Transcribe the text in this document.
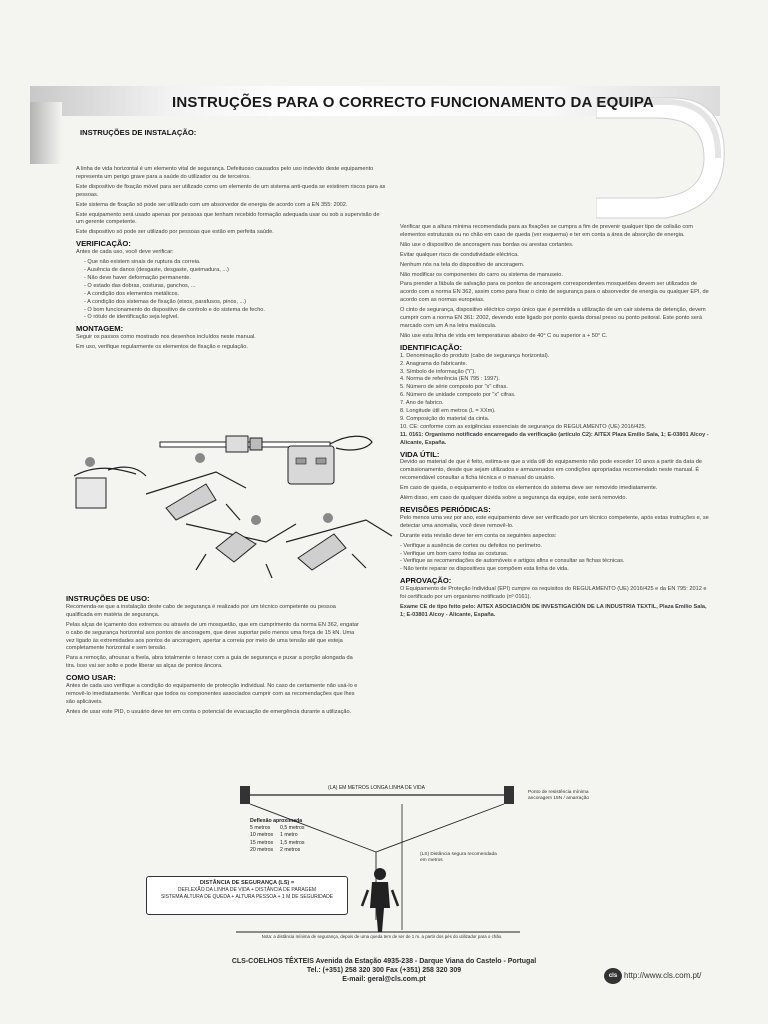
INSTRUÇÕES PARA O CORRECTO FUNCIONAMENTO DA EQUIPA
INSTRUÇÕES DE INSTALAÇÃO:

A linha de vida horizontal é um elemento vital de segurança. Defeituoso causados pelo uso indevido deste equipamento representa um perigo grave para a saúde do utilizador ou de terceiros.

Este dispositivo de fixação móvel para ser utilizado como um elemento de um sistema anti-queda se existirem riscos para as pessoas.

Este sistema de fixação só pode ser utilizado com um absorvedor de energia de acordo com a EN 355: 2002.

Este equipamento será usado apenas por pessoas que tenham recebido formação adequada usar ou sob a supervisão de um gerente competente.

Este dispositivo só pode ser utilizado por pessoas que estão em perfeita saúde.

VERIFICAÇÃO:

Antes de cada uso, você deve verificar:

- Que não existem sinais de ruptura da correia.
- Ausência de danos (desgaste, desgaste, queimadura, ...)
- Não deve haver deformação permanente.
- O estado das dobras, costuras, ganchos, ...
- A condição dos elementos metálicos.
- A condição dos sistemas de fixação (eixos, parafusos, pinos, ...)
- O bom funcionamento do dispositivo de controlo e do sistema de fecho.
- O rótulo de identificação seja legível.
MONTAGEM:

Seguir os passos como mostrado nos desenhos incluídos neste manual.

Em uso, verifique regularmente os elementos de fixação e regulação.

INSTRUÇÕES DE USO:

Recomenda-se que a instalação deste cabo de segurança é realizado por um técnico competente ou pessoa qualificada em matéria de segurança.

Pelas alças de içamento dos extremos ou através de um mosquetão, que em cumprimento da norma EN 362, engatar o cabo de segurança horizontal aos pontos de ancoragem, que deve suportar pelo menos uma força de 15 kN. Uma vez ligado às extremidades aos pontos de ancoragem, apertar a correia por meio de uma tensão até que esteja completamente horizontal e sem tensão.

Para a remoção, afrouxar a fivela, abra totalmente o tensor com a guia de segurança e puxar a porção alongada da tira. Isso vai ser solto e pode liberar as alças de pontos âncora.

COMO USAR:

Antes de cada uso verifique a condição do equipamento de protecção individual. No caso de certamente não usá-lo e removê-lo imediatamente. Verificar que todos os componentes associados cumprir com as recomendações que lhes são aplicáveis.

Antes de usar este PID, o usuário deve ter em conta o potencial de evacuação de emergência durante a utilização.

Verificar que a altura mínima recomendada para as fixações se cumpra a fim de prevenir qualquer tipo de colisão com elementos estruturais ou no chão em caso de queda (ver esquema) e ter em conta a área de absorção de energia.

Não use o dispositivo de ancoragem nas bordas ou arestas cortantes.

Evitar qualquer risco de condutividade eléctrica.

Nenhum nós na tela do dispositivo de ancoragem.

Não modificar os componentes do carro ou sistema de manuseio.

Para prender a fábula de salvação para os pontos de ancoragem correspondentes mosquetões devem ser utilizados de acordo com a norma EN 362, assim como para fixar o cinto de segurança para o absorvedor de energia ou qualquer EPI, de acordo com as normas europeias.

O cinto de segurança, dispositivo eléctrico corpo único que é permitida a utilização de um cair sistema de detenção, devem cumprir com a norma EN 361: 2002, devendo este ligado por ponto queda dorsal preso ou ponto peitoral. Este ponto será marcado com um A na letra maiúscula.

Não use esta linha de vida em temperaturas abaixo de 40° C ou superior a + 50° C.

IDENTIFICAÇÃO:
1. Denominação do produto (cabo de segurança horizontal).
2. Anagrama do fabricante.
3. Símbolo de informação ("i").
4. Norma de referência (EN 795 : 1997).
5. Número de série composto por "x" cifras.
6. Número de unidade composto por "x" cifras.
7. Ano de fabrico.
8. Longitude útil em metros (L = XXm).
9. Composição do material da cinta.
10. CE: conforme com as exigências essenciais de segurança do REGULAMENTO (UE) 2016/425.
11. 0161: Organismo notificado encarregado da verificação (artículo C2): AITEX Plaza Emilio Sala, 1; E-03801 Alcoy - Alicante, España.
VIDA ÚTIL:

Devido ao material de que é feito, estima-se que a vida útil do equipamento não pode exceder 10 anos a partir da data de comissionamento, desde que sejam utilizados e armazenados em condições apropriadas recomendado neste manual. É recomendável consultar a ficha técnica e o manual do usuário.

Em caso de queda, o equipamento e todos os elementos do sistema deve ser removido imediatamente.

Além disso, em caso de qualquer dúvida sobre a segurança da equipe, este será removido.

REVISÕES PERIÓDICAS:

Pelo menos uma vez por ano, este equipamento deve ser verificado por um técnico competente, após estas instruções e, se detectar uma anomalia, você deve removê-lo.

Durante esta revisão deve ter em conta os seguintes aspectos:

- Verifique a ausência de cortes ou defeitos no perímetro.
- Verifique um bom carro todas as costuras.
- Verifique as recomendações de automóveis e artigos afins e consultar as fichas técnicas.
- Não tente reparar os dispositivos que compõem esta linha de vida.
APROVAÇÃO:

O Equipamento de Proteção Individual (EPI) cumpre os requisitos do REGULAMENTO (UE) 2016/425 e da EN 795: 2012 e foi certificado por um organismo notificado (nº 0161).

Exame CE de tipo feito pelo: AITEX ASOCIACIÓN DE INVESTIGACIÓN DE LA INDUSTRIA TEXTIL, Plaza Emilio Sala, 1; E-03801 Alcoy - Alicante, España.

(LA) EM METROS LONGA LINHA DE VIDA
Ponto de resistência mínima ancoragem 15N / amarração
Deflexão aproximada
5 metros 0,5 metros
10 metros 1 metro
15 metros 1,5 metros
20 metros 2 metros
(LS) Distância segura recomendada em metros
DISTÂNCIA DE SEGURANÇA (LS) =
DEFLEXÃO DA LINHA DE VIDA + DISTÂNCIA DE PARAGEM
SISTEMA ALTURA DE QUEDA + ALTURA PESSOA + 1 M DE SEGURIDADE
Nota: a distância mínima de segurança, depois de uma queda tem de ser de 1 m. a partir dos pés do utilizador para o chão.
CLS-COELHOS TÊXTEIS Avenida da Estação 4935-238 - Darque Viana do Castelo - Portugal
Tel.: (+351) 258 320 300 Fax (+351) 258 320 309
E-mail: geral@cls.com.pt	cls http://www.cls.com.pt/
